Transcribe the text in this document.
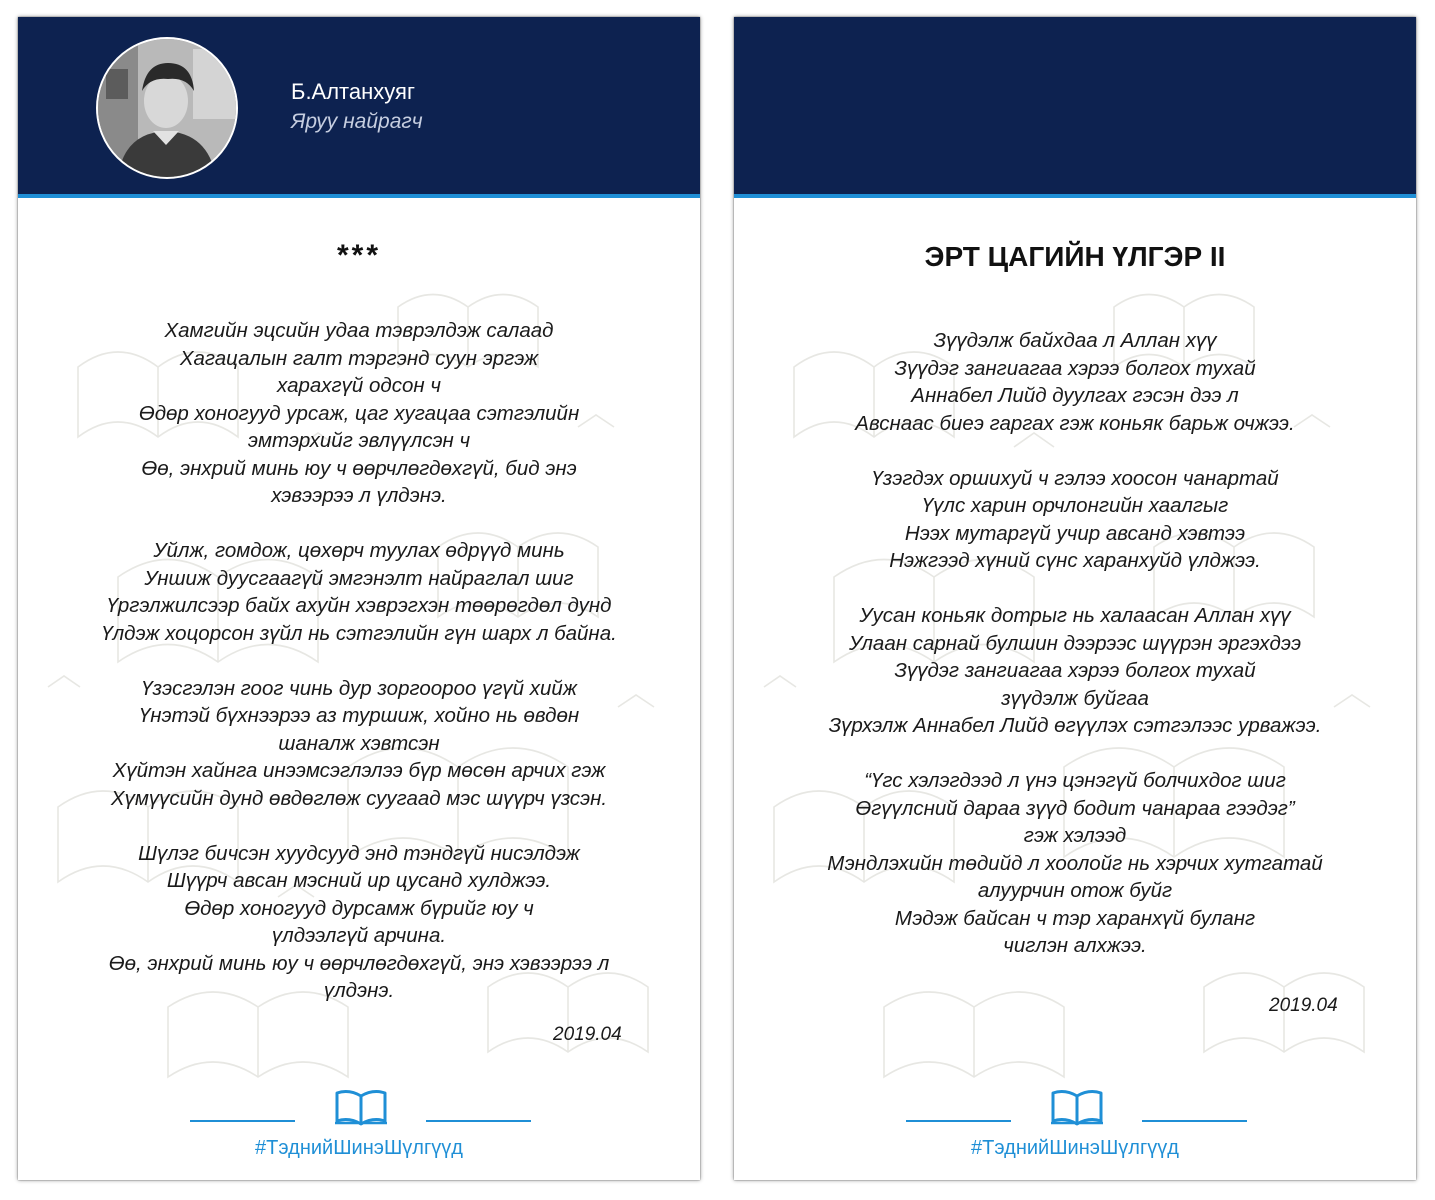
Б.Алтанхуяг
Яруу найрагч
***
Хамгийн эцсийн удаа тэврэлдэж салаад
Хагацалын галт тэргэнд суун эргэж
харахгүй одсон ч
Өдөр хоногууд урсаж, цаг хугацаа сэтгэлийн
эмтэрхийг эвлүүлсэн ч
Өө, энхрий минь юу ч өөрчлөгдөхгүй, бид энэ
хэвээрээ л үлдэнэ.
Уйлж, гомдож, цөхөрч туулах өдрүүд минь
Уншиж дуусгаагүй эмгэнэлт найраглал шиг
Үргэлжилсээр байх ахуйн хэврэгхэн төөрөгдөл дунд
Үлдэж хоцорсон зүйл нь сэтгэлийн гүн шарх л байна.
Үзэсгэлэн гоог чинь дур зоргоороо үгүй хийж
Үнэтэй бүхнээрээ аз туршиж, хойно нь өвдөн
шаналж хэвтсэн
Хүйтэн хайнга инээмсэглэлээ бүр мөсөн арчих гэж
Хүмүүсийн дунд өвдөглөж суугаад мэс шүүрч үзсэн.
Шүлэг бичсэн хуудсууд энд тэндгүй нисэлдэж
Шүүрч авсан мэсний ир цусанд хулджээ.
Өдөр хоногууд дурсамж бүрийг юу ч
үлдээлгүй арчина.
Өө, энхрий минь юу ч өөрчлөгдөхгүй, энэ хэвээрээ л
үлдэнэ.
2019.04
#ТэднийШинэШүлгүүд
ЭРТ ЦАГИЙН ҮЛГЭР II
Зүүдэлж байхдаа л Аллан хүү
Зүүдэг зангиагаа хэрээ болгох тухай
Аннабел Лийд дуулгах гэсэн дээ л
Авснаас биеэ гаргах гэж коньяк барьж очжээ.
Үзэгдэх оршихуй ч гэлээ хоосон чанартай
Үүлс харин орчлонгийн хаалгыг
Нээх мутаргүй учир авсанд хэвтээ
Нэжгээд хүний сүнс харанхуйд үлджээ.
Уусан коньяк дотрыг нь халаасан Аллан хүү
Улаан сарнай булшин дээрээс шүүрэн эргэхдээ
Зүүдэг зангиагаа хэрээ болгох тухай
зүүдэлж буйгаа
Зүрхэлж Аннабел Лийд өгүүлэх сэтгэлээс урважээ.
“Үгс хэлэгдээд л үнэ цэнэгүй болчихдог шиг
Өгүүлсний дараа зүүд бодит чанараа гээдэг”
гэж хэлээд
Мэндлэхийн төдийд л хоолойг нь хэрчих хутгатай
алуурчин отож буйг
Мэдэж байсан ч тэр харанхүй буланг
чиглэн алхжээ.
2019.04
#ТэднийШинэШүлгүүд
